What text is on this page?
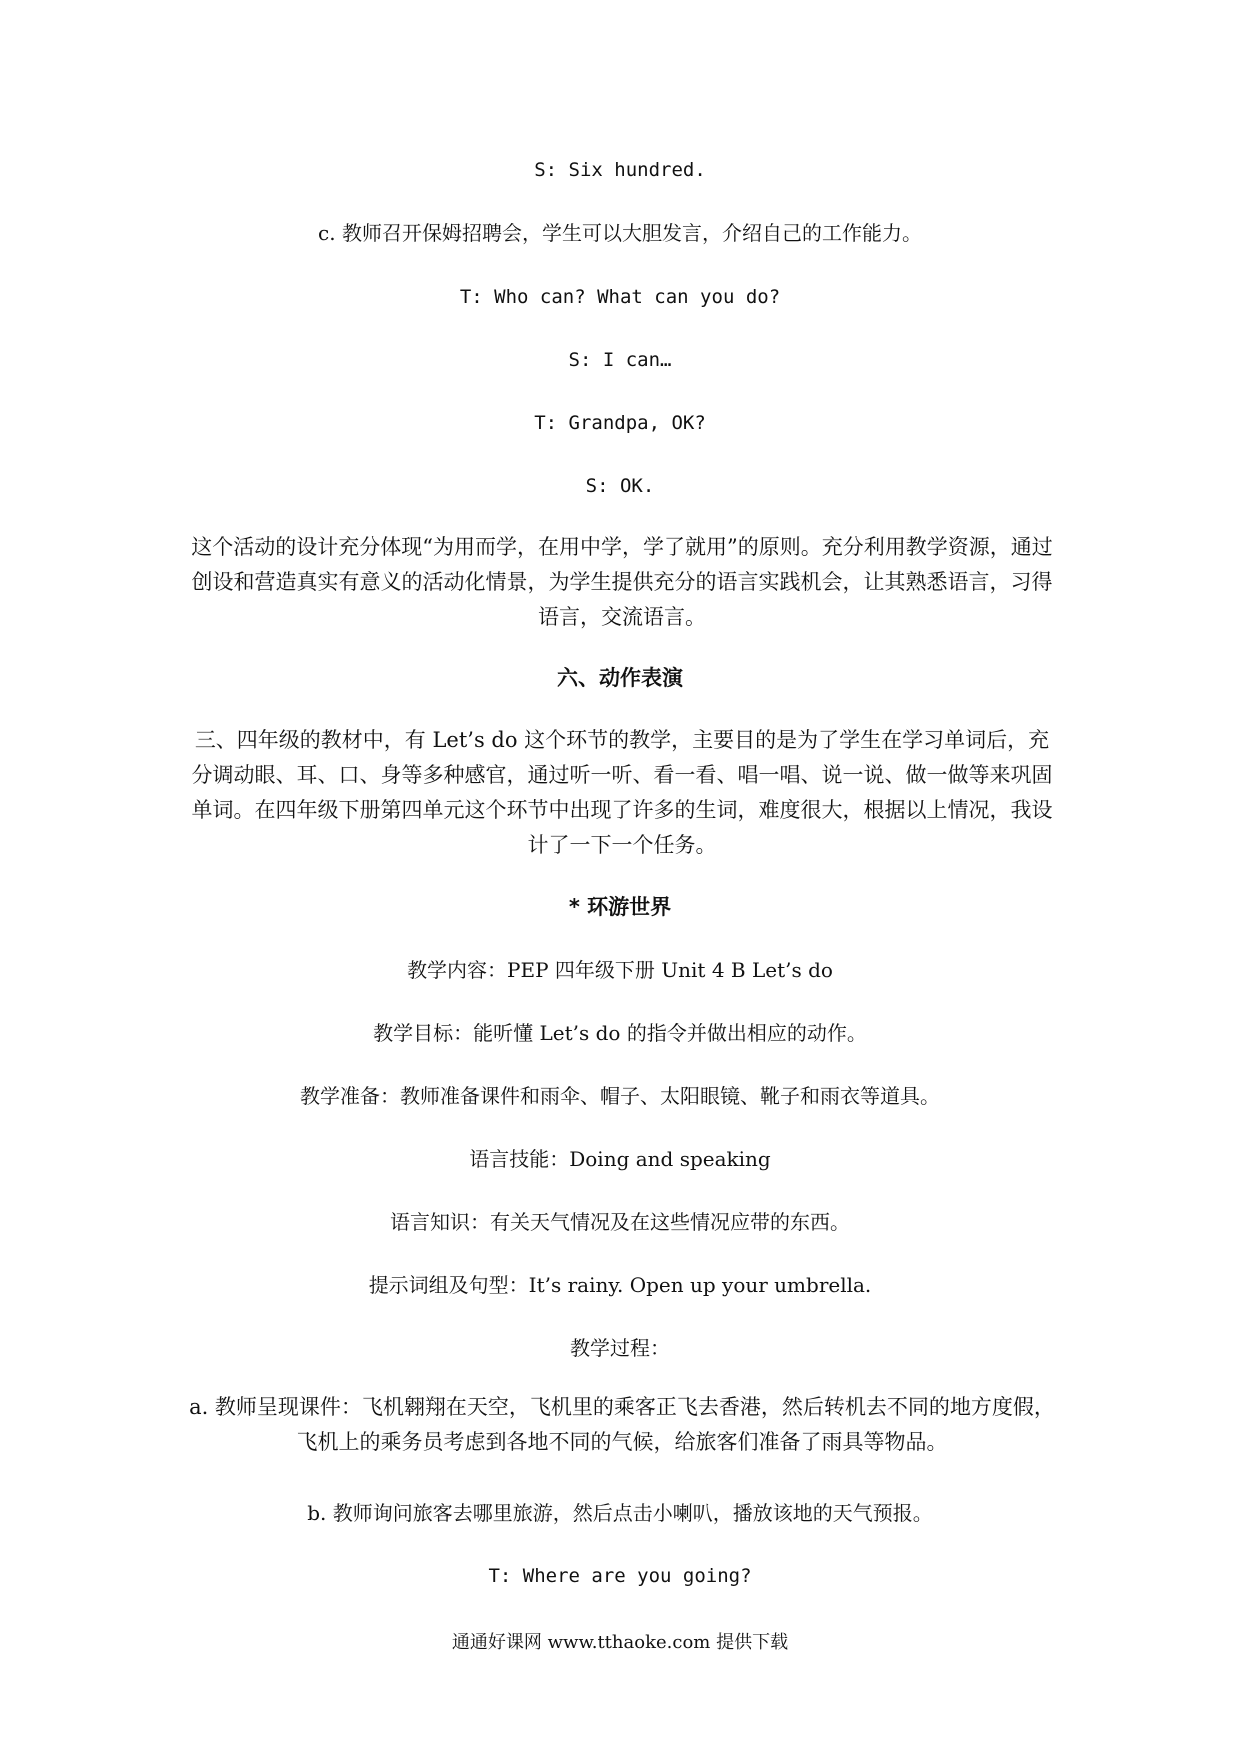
S: Six hundred.
c. 教师召开保姆招聘会，学生可以大胆发言，介绍自己的工作能力。
T: Who can? What can you do?
S: I can…
T: Grandpa, OK?
S: OK.
这个活动的设计充分体现“为用而学，在用中学，学了就用”的原则。充分利用教学资源，通过创设和营造真实有意义的活动化情景，为学生提供充分的语言实践机会，让其熟悉语言，习得语言，交流语言。
六、动作表演
三、四年级的教材中，有 Let’s do 这个环节的教学，主要目的是为了学生在学习单词后，充分调动眼、耳、口、身等多种感官，通过听一听、看一看、唱一唱、说一说、做一做等来巩固单词。在四年级下册第四单元这个环节中出现了许多的生词，难度很大，根据以上情况，我设计了一下一个任务。
* 环游世界
教学内容：PEP 四年级下册 Unit 4 B Let’s do
教学目标：能听懂 Let’s do 的指令并做出相应的动作。
教学准备：教师准备课件和雨伞、帽子、太阳眼镜、靴子和雨衣等道具。
语言技能：Doing and speaking
语言知识：有关天气情况及在这些情况应带的东西。
提示词组及句型：It’s rainy. Open up your umbrella.
教学过程：
a. 教师呈现课件：飞机翱翔在天空，飞机里的乘客正飞去香港，然后转机去不同的地方度假，飞机上的乘务员考虑到各地不同的气候，给旅客们准备了雨具等物品。
b. 教师询问旅客去哪里旅游，然后点击小喇叭，播放该地的天气预报。
T: Where are you going?
通通好课网 www.tthaoke.com 提供下载
